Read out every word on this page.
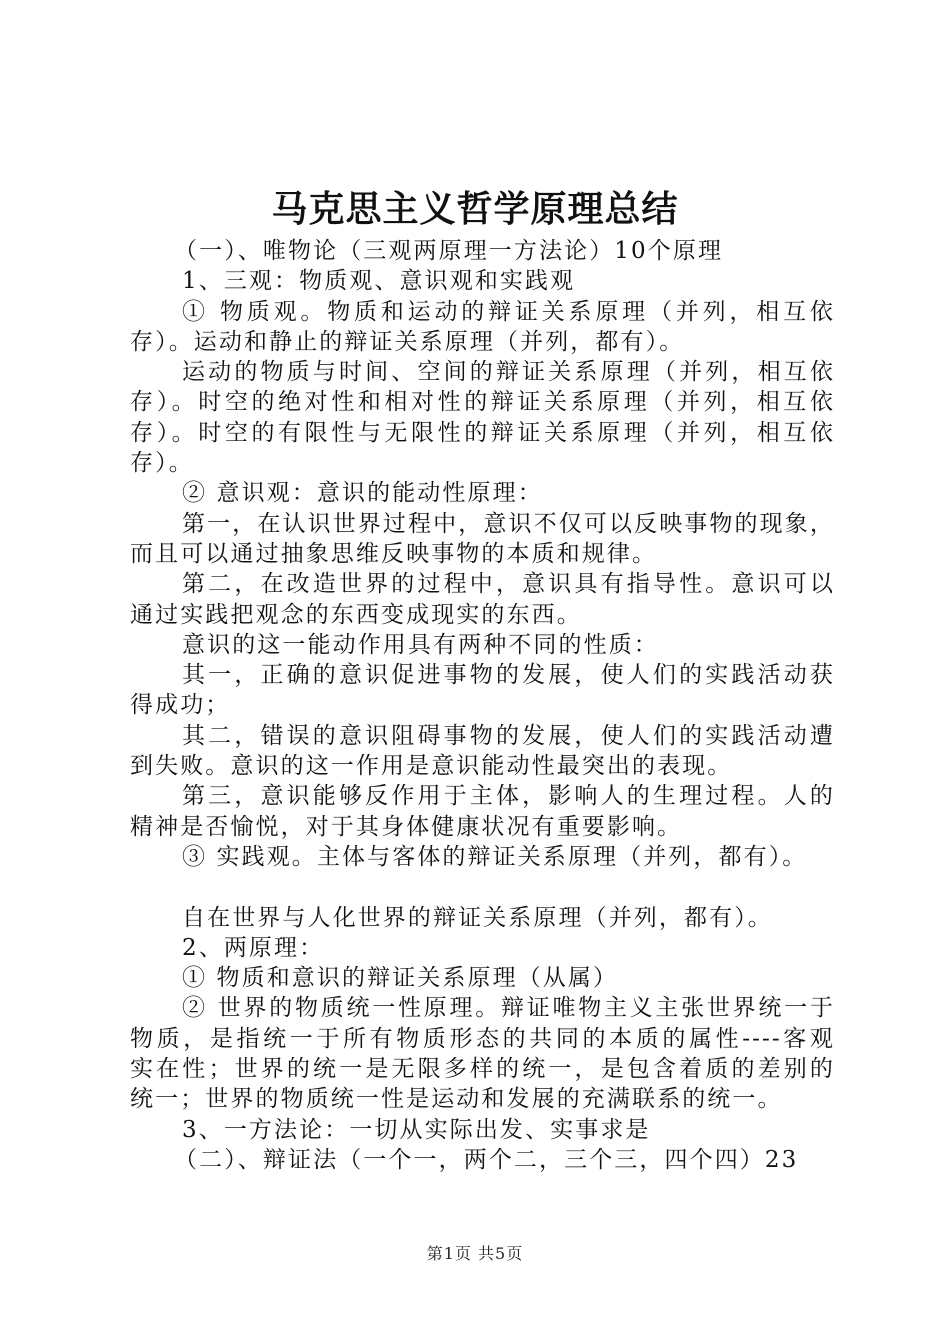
马克思主义哲学原理总结
（一）、唯物论（三观两原理一方法论）10个原理
1、三观：物质观、意识观和实践观
① 物质观。物质和运动的辩证关系原理（并列，相互依
存）。运动和静止的辩证关系原理（并列，都有）。
运动的物质与时间、空间的辩证关系原理（并列，相互依
存）。时空的绝对性和相对性的辩证关系原理（并列，相互依
存）。时空的有限性与无限性的辩证关系原理（并列，相互依
存）。
② 意识观：意识的能动性原理：
第一，在认识世界过程中，意识不仅可以反映事物的现象，
而且可以通过抽象思维反映事物的本质和规律。
第二，在改造世界的过程中，意识具有指导性。意识可以
通过实践把观念的东西变成现实的东西。
意识的这一能动作用具有两种不同的性质：
其一，正确的意识促进事物的发展，使人们的实践活动获
得成功；
其二，错误的意识阻碍事物的发展，使人们的实践活动遭
到失败。意识的这一作用是意识能动性最突出的表现。
第三，意识能够反作用于主体，影响人的生理过程。人的
精神是否愉悦，对于其身体健康状况有重要影响。
③ 实践观。主体与客体的辩证关系原理（并列，都有）。
自在世界与人化世界的辩证关系原理（并列，都有）。
2、两原理：
① 物质和意识的辩证关系原理（从属）
② 世界的物质统一性原理。辩证唯物主义主张世界统一于
物质，是指统一于所有物质形态的共同的本质的属性----客观
实在性；世界的统一是无限多样的统一，是包含着质的差别的
统一；世界的物质统一性是运动和发展的充满联系的统一。
3、一方法论：一切从实际出发、实事求是
（二）、辩证法（一个一，两个二，三个三，四个四）23
第1页 共5页
